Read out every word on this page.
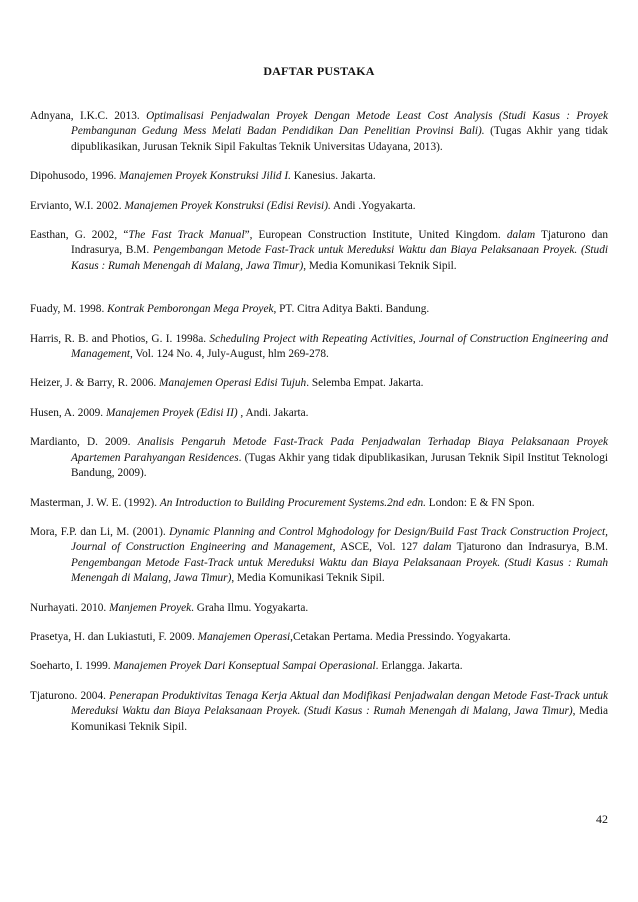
DAFTAR PUSTAKA

Adnyana, I.K.C. 2013. Optimalisasi Penjadwalan Proyek Dengan Metode Least Cost Analysis (Studi Kasus : Proyek Pembangunan Gedung Mess Melati Badan Pendidikan Dan Penelitian Provinsi Bali). (Tugas Akhir yang tidak dipublikasikan, Jurusan Teknik Sipil Fakultas Teknik Universitas Udayana, 2013).

Dipohusodo, 1996. Manajemen Proyek Konstruksi Jilid I. Kanesius. Jakarta.

Ervianto, W.I. 2002. Manajemen Proyek Konstruksi (Edisi Revisi). Andi .Yogyakarta.

Easthan, G. 2002, “The Fast Track Manual”, European Construction Institute, United Kingdom. dalam Tjaturono dan Indrasurya, B.M. Pengembangan Metode Fast-Track untuk Mereduksi Waktu dan Biaya Pelaksanaan Proyek. (Studi Kasus : Rumah Menengah di Malang, Jawa Timur), Media Komunikasi Teknik Sipil.

Fuady, M. 1998. Kontrak Pemborongan Mega Proyek, PT. Citra Aditya Bakti. Bandung.

Harris, R. B. and Photios, G. I. 1998a. Scheduling Project with Repeating Activities, Journal of Construction Engineering and Management, Vol. 124 No. 4, July-August, hlm 269-278.

Heizer, J. & Barry, R. 2006. Manajemen Operasi Edisi Tujuh. Selemba Empat. Jakarta.

Husen, A. 2009. Manajemen Proyek (Edisi II) , Andi. Jakarta.

Mardianto, D. 2009. Analisis Pengaruh Metode Fast-Track Pada Penjadwalan Terhadap Biaya Pelaksanaan Proyek Apartemen Parahyangan Residences. (Tugas Akhir yang tidak dipublikasikan, Jurusan Teknik Sipil Institut Teknologi Bandung, 2009).

Masterman, J. W. E. (1992). An Introduction to Building Procurement Systems.2nd edn. London: E & FN Spon.

Mora, F.P. dan Li, M. (2001). Dynamic Planning and Control Mghodology for Design/Build Fast Track Construction Project, Journal of Construction Engineering and Management, ASCE, Vol. 127 dalam Tjaturono dan Indrasurya, B.M. Pengembangan Metode Fast-Track untuk Mereduksi Waktu dan Biaya Pelaksanaan Proyek. (Studi Kasus : Rumah Menengah di Malang, Jawa Timur), Media Komunikasi Teknik Sipil.

Nurhayati. 2010. Manjemen Proyek. Graha Ilmu. Yogyakarta.

Prasetya, H. dan Lukiastuti, F. 2009. Manajemen Operasi,Cetakan Pertama. Media Pressindo. Yogyakarta.

Soeharto, I. 1999. Manajemen Proyek Dari Konseptual Sampai Operasional. Erlangga. Jakarta.

Tjaturono. 2004. Penerapan Produktivitas Tenaga Kerja Aktual dan Modifikasi Penjadwalan dengan Metode Fast-Track untuk Mereduksi Waktu dan Biaya Pelaksanaan Proyek. (Studi Kasus : Rumah Menengah di Malang, Jawa Timur), Media Komunikasi Teknik Sipil.

42
